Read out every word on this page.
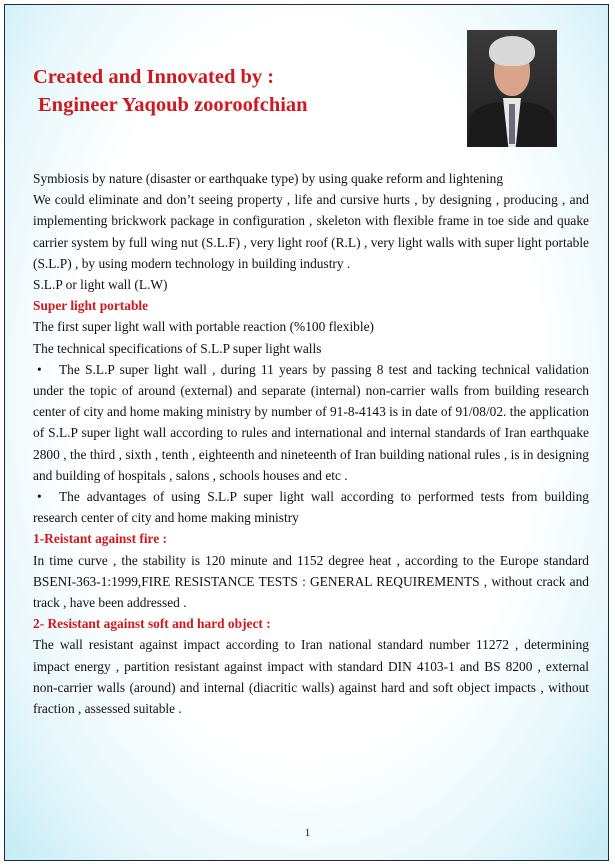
Created and Innovated by :
Engineer Yaqoub zooroofchian

Symbiosis by nature (disaster or earthquake type) by using quake reform and lightening

We could eliminate and don’t seeing property , life and cursive hurts , by designing , producing , and implementing brickwork package in configuration , skeleton with flexible frame in toe side and quake carrier system by full wing nut (S.L.F) , very light roof (R.L) , very light walls with super light portable (S.L.P) , by using modern technology in building industry .

S.L.P or light wall (L.W)

Super light portable

The first super light wall with portable reaction (%100 flexible)

The technical specifications of S.L.P super light walls

• The S.L.P super light wall , during 11 years by passing 8 test and tacking technical validation under the topic of around (external) and separate (internal) non-carrier walls from building research center of city and home making ministry by number of 91-8-4143 is in date of 91/08/02. the application of S.L.P super light wall according to rules and international and internal standards of Iran earthquake 2800 , the third , sixth , tenth , eighteenth and nineteenth of Iran building national rules , is in designing and building of hospitals , salons , schools houses and etc .

• The advantages of using S.L.P super light wall according to performed tests from building research center of city and home making ministry

1-Reistant against fire :

In time curve , the stability is 120 minute and 1152 degree heat , according to the Europe standard BSENI-363-1:1999,FIRE RESISTANCE TESTS : GENERAL REQUIREMENTS , without crack and track , have been addressed .

2- Resistant against soft and hard object :

The wall resistant against impact according to Iran national standard number 11272 , determining impact energy , partition resistant against impact with standard DIN 4103-1 and BS 8200 , external non-carrier walls (around) and internal (diacritic walls) against hard and soft object impacts , without fraction , assessed suitable .

1
